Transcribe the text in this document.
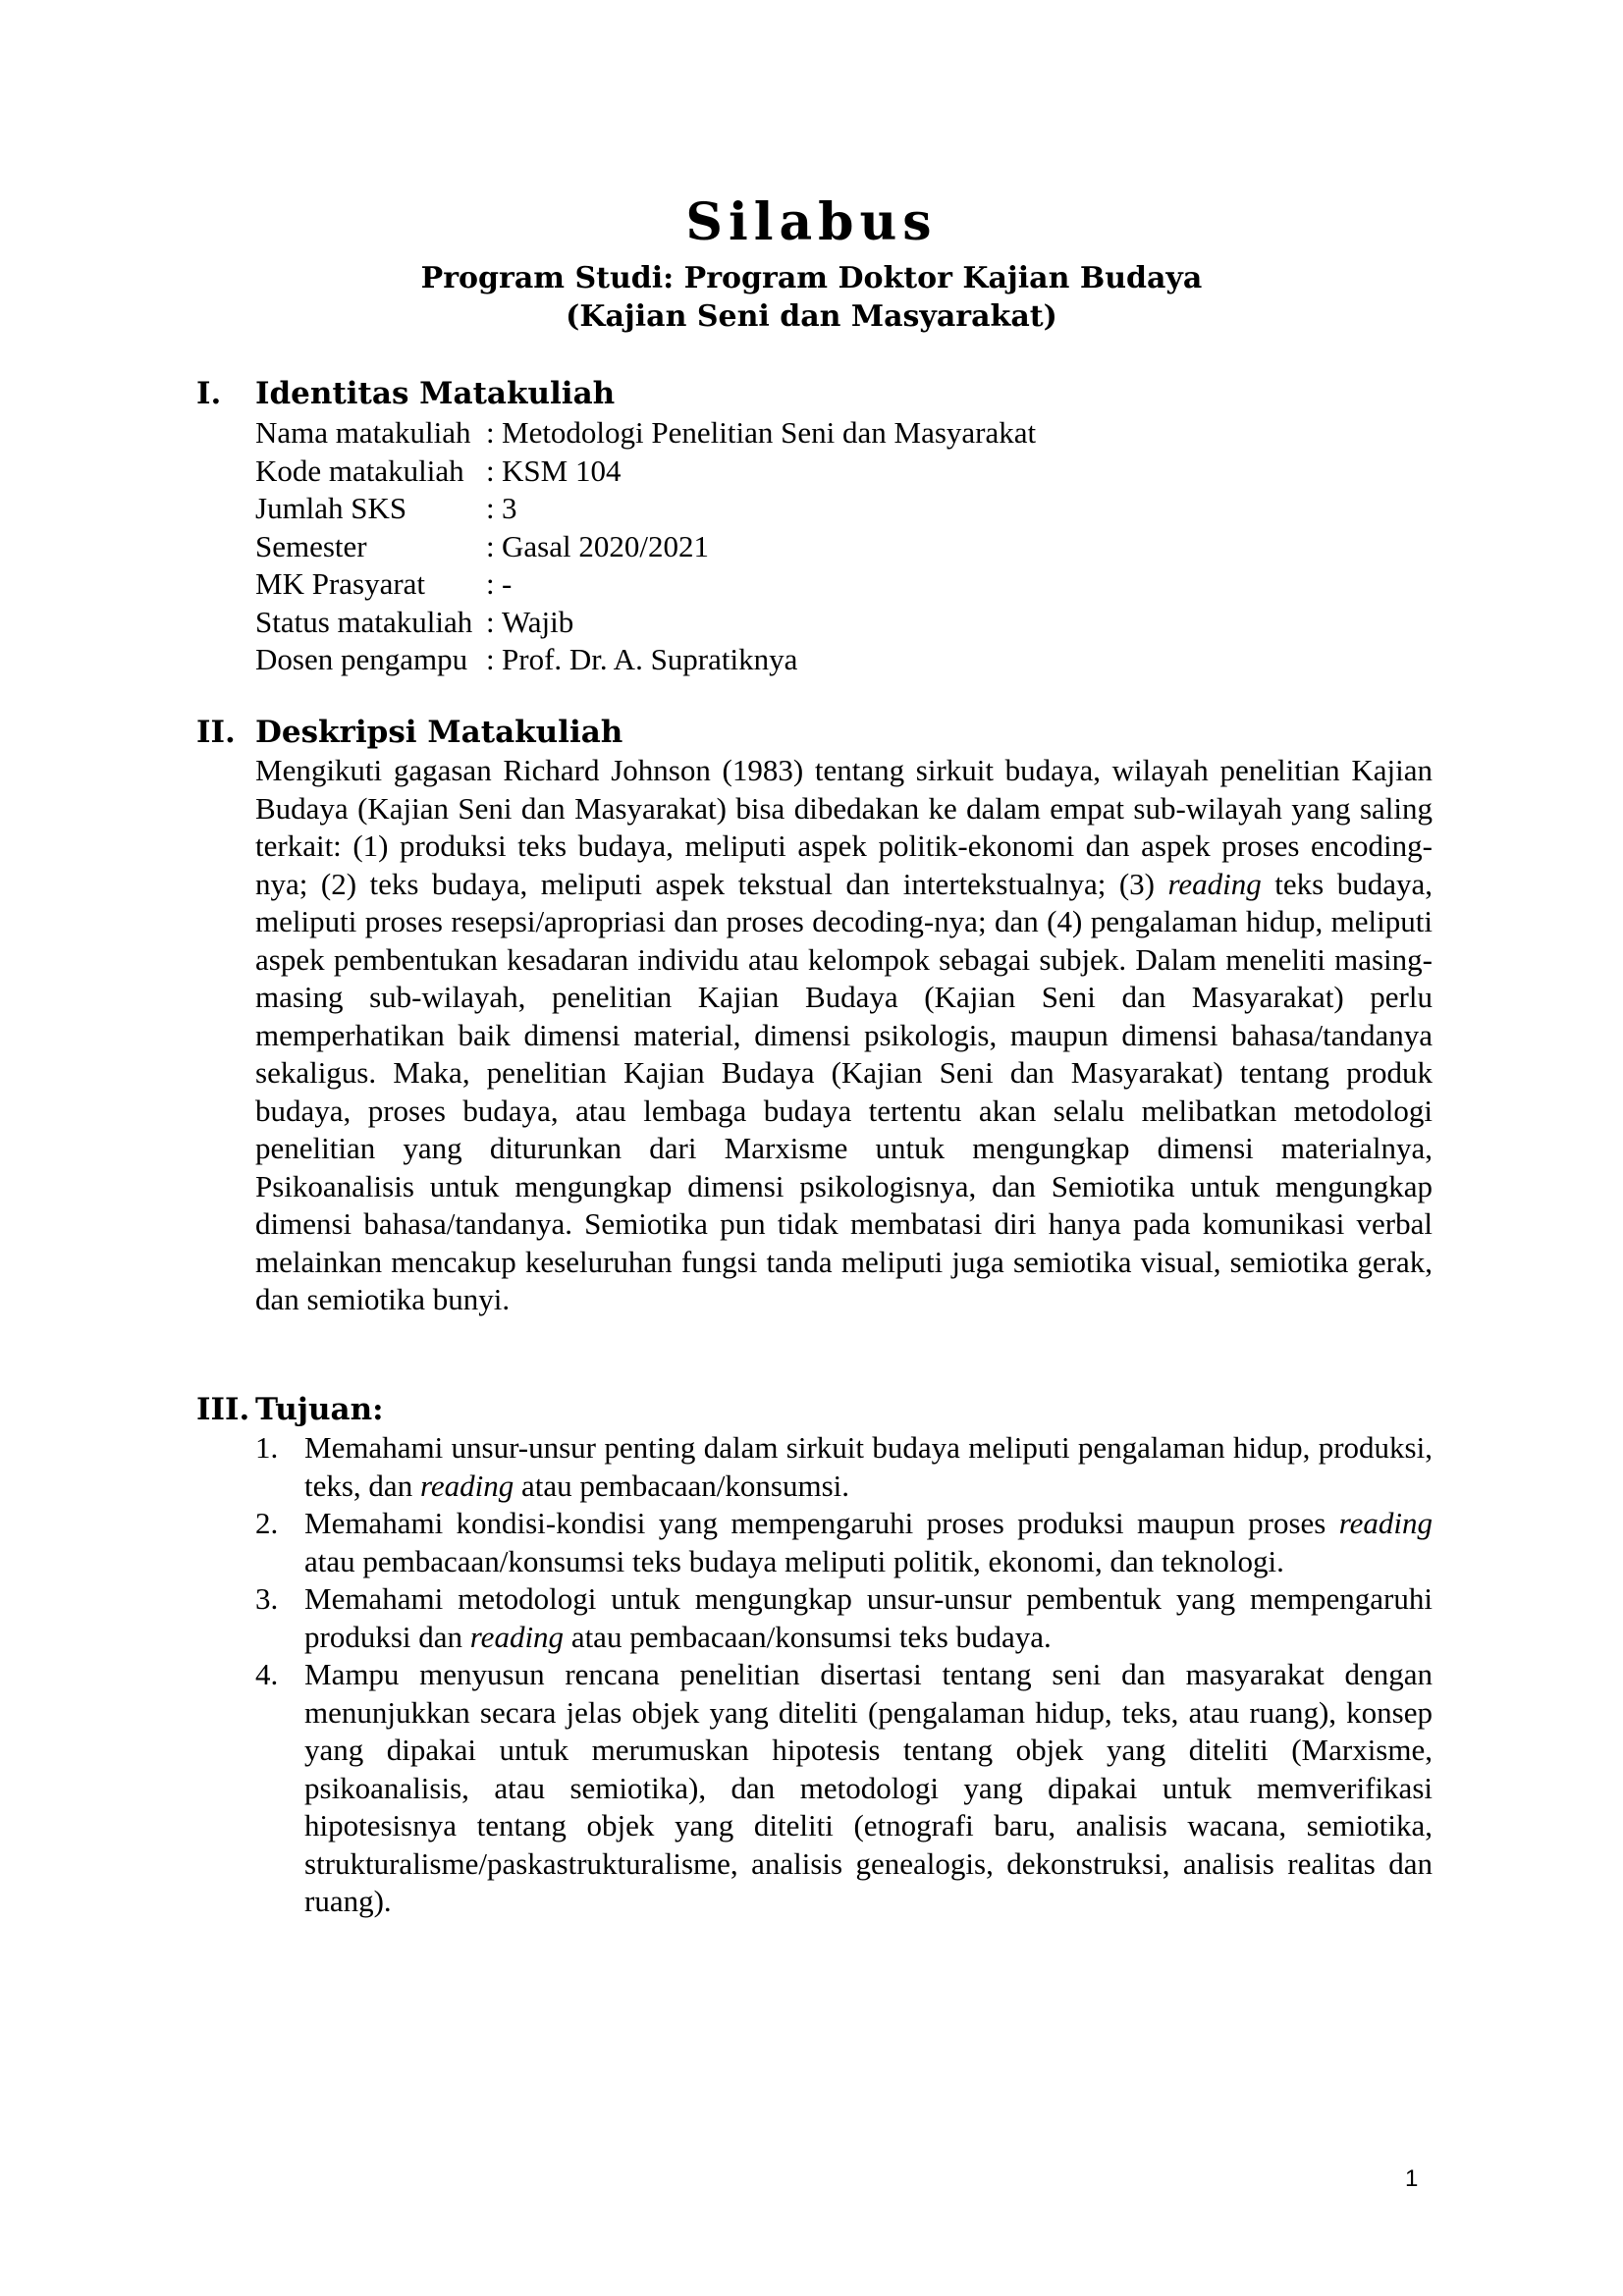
Silabus
Program Studi: Program Doktor Kajian Budaya
(Kajian Seni dan Masyarakat)
I. Identitas Matakuliah
Nama matakuliah : Metodologi Penelitian Seni dan Masyarakat
Kode matakuliah : KSM 104
Jumlah SKS	: 3
Semester	: Gasal 2020/2021
MK Prasyarat	: -
Status matakuliah : Wajib
Dosen pengampu : Prof. Dr. A. Supratiknya
II. Deskripsi Matakuliah

Mengikuti gagasan Richard Johnson (1983) tentang sirkuit budaya, wilayah penelitian Kajian Budaya (Kajian Seni dan Masyarakat) bisa dibedakan ke dalam empat sub-wilayah yang saling terkait: (1) produksi teks budaya, meliputi aspek politik-ekonomi dan aspek proses encoding-nya; (2) teks budaya, meliputi aspek tekstual dan intertekstualnya; (3) reading teks budaya, meliputi proses resepsi/apropriasi dan proses decoding-nya; dan (4) pengalaman hidup, meliputi aspek pembentukan kesadaran individu atau kelompok sebagai subjek. Dalam meneliti masing-masing sub-wilayah, penelitian Kajian Budaya (Kajian Seni dan Masyarakat) perlu memperhatikan baik dimensi material, dimensi psikologis, maupun dimensi bahasa/tandanya sekaligus. Maka, penelitian Kajian Budaya (Kajian Seni dan Masyarakat) tentang produk budaya, proses budaya, atau lembaga budaya tertentu akan selalu melibatkan metodologi penelitian yang diturunkan dari Marxisme untuk mengungkap dimensi materialnya, Psikoanalisis untuk mengungkap dimensi psikologisnya, dan Semiotika untuk mengungkap dimensi bahasa/tandanya. Semiotika pun tidak membatasi diri hanya pada komunikasi verbal melainkan mencakup keseluruhan fungsi tanda meliputi juga semiotika visual, semiotika gerak, dan semiotika bunyi.

III. Tujuan:
1. Memahami unsur-unsur penting dalam sirkuit budaya meliputi pengalaman hidup, produksi, teks, dan reading atau pembacaan/konsumsi.
2. Memahami kondisi-kondisi yang mempengaruhi proses produksi maupun proses reading atau pembacaan/konsumsi teks budaya meliputi politik, ekonomi, dan teknologi.
3. Memahami metodologi untuk mengungkap unsur-unsur pembentuk yang mempengaruhi produksi dan reading atau pembacaan/konsumsi teks budaya.
4. Mampu menyusun rencana penelitian disertasi tentang seni dan masyarakat dengan menunjukkan secara jelas objek yang diteliti (pengalaman hidup, teks, atau ruang), konsep yang dipakai untuk merumuskan hipotesis tentang objek yang diteliti (Marxisme, psikoanalisis, atau semiotika), dan metodologi yang dipakai untuk memverifikasi hipotesisnya tentang objek yang diteliti (etnografi baru, analisis wacana, semiotika, strukturalisme/paskastrukturalisme, analisis genealogis, dekonstruksi, analisis realitas dan ruang).
1
